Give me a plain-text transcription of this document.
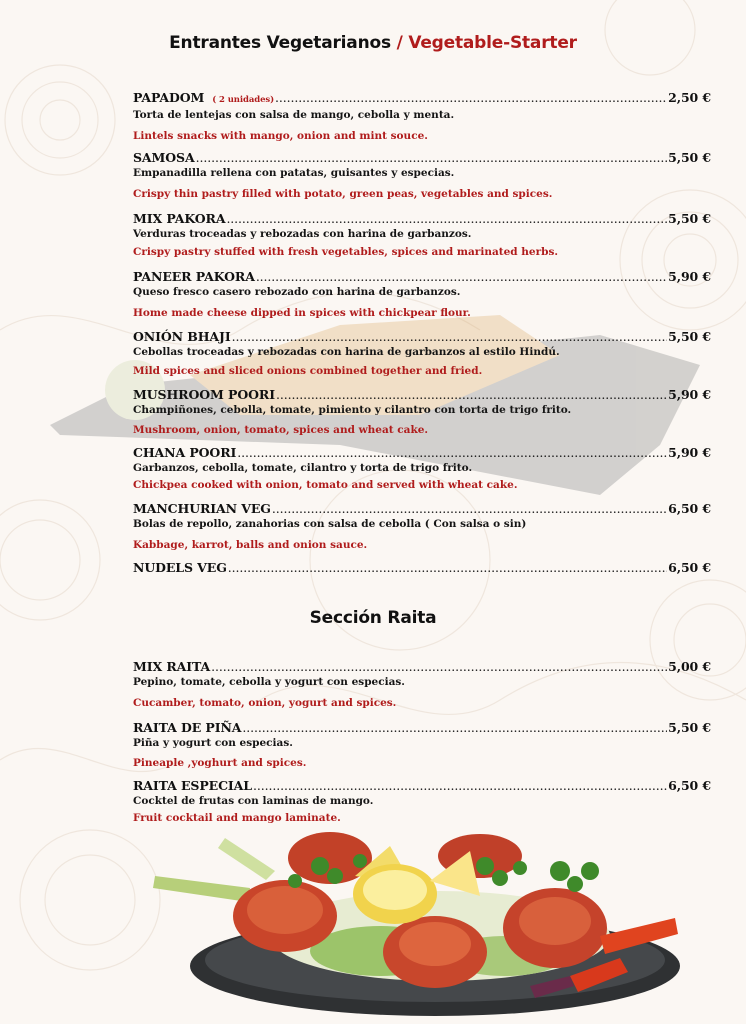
Entrantes Vegetarianos / Vegetable-Starter
PAPADOM ( 2 unidades) .....	2,50 €
Torta de lentejas con salsa de mango, cebolla y menta.
Lintels snacks with mango, onion and mint souce.
SAMOSA .....	5,50 €
Empanadilla rellena con patatas, guisantes y especias.
Crispy thin pastry filled with potato, green peas, vegetables and spices.
MIX PAKORA .....	5,50 €
Verduras troceadas y rebozadas con harina de garbanzos.
Crispy pastry stuffed with fresh vegetables, spices and marinated herbs.
PANEER PAKORA .....	5,90 €
Queso fresco casero rebozado con harina de garbanzos.
Home made cheese dipped in spices with chickpear flour.
ONIÓN BHAJI .....	5,50 €
Cebollas troceadas y rebozadas con harina de garbanzos al estilo Hindú.
Mild spices and sliced onions combined together and fried.
MUSHROOM POORI .....	5,90 €
Champiñones, cebolla, tomate, pimiento y cilantro con torta de trigo frito.
Mushroom, onion, tomato, spices and wheat cake.
CHANA POORI .....	5,90 €
Garbanzos, cebolla, tomate, cilantro y torta de trigo frito.
Chickpea cooked with onion, tomato and served with wheat cake.
MANCHURIAN VEG .....	6,50 €
Bolas de repollo, zanahorias con salsa de cebolla ( Con salsa o sin)
Kabbage, karrot, balls and onion sauce.
NUDELS VEG .....	6,50 €
Sección Raita
MIX RAITA .....	5,00 €
Pepino, tomate, cebolla y yogurt con especias.
Cucamber, tomato, onion, yogurt and spices.
RAITA DE PIÑA .....	5,50 €
Piña y yogurt con especias.
Pineaple ,yoghurt and spices.
RAITA ESPECIAL .....	6,50 €
Cocktel de frutas con laminas de mango.
Fruit cocktail and mango laminate.
